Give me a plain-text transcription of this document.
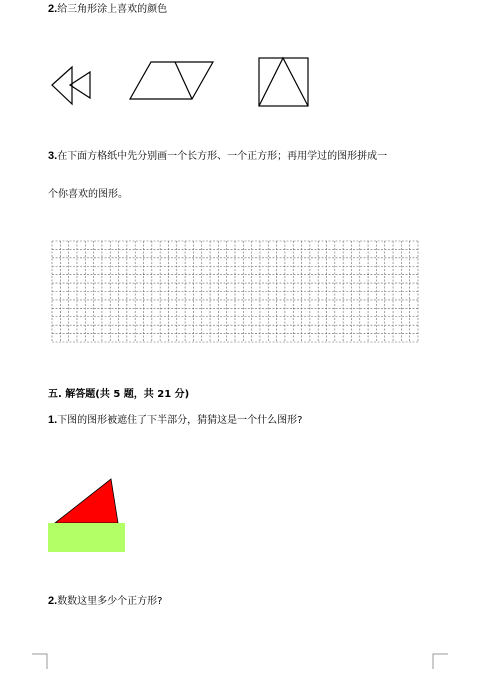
2.给三角形涂上喜欢的颜色
3.在下面方格纸中先分别画一个长方形、一个正方形；再用学过的图形拼成一
个你喜欢的图形。
五. 解答题(共 5 题，共 21 分)
1.下图的图形被遮住了下半部分，猜猜这是一个什么图形?
2.数数这里多少个正方形?
